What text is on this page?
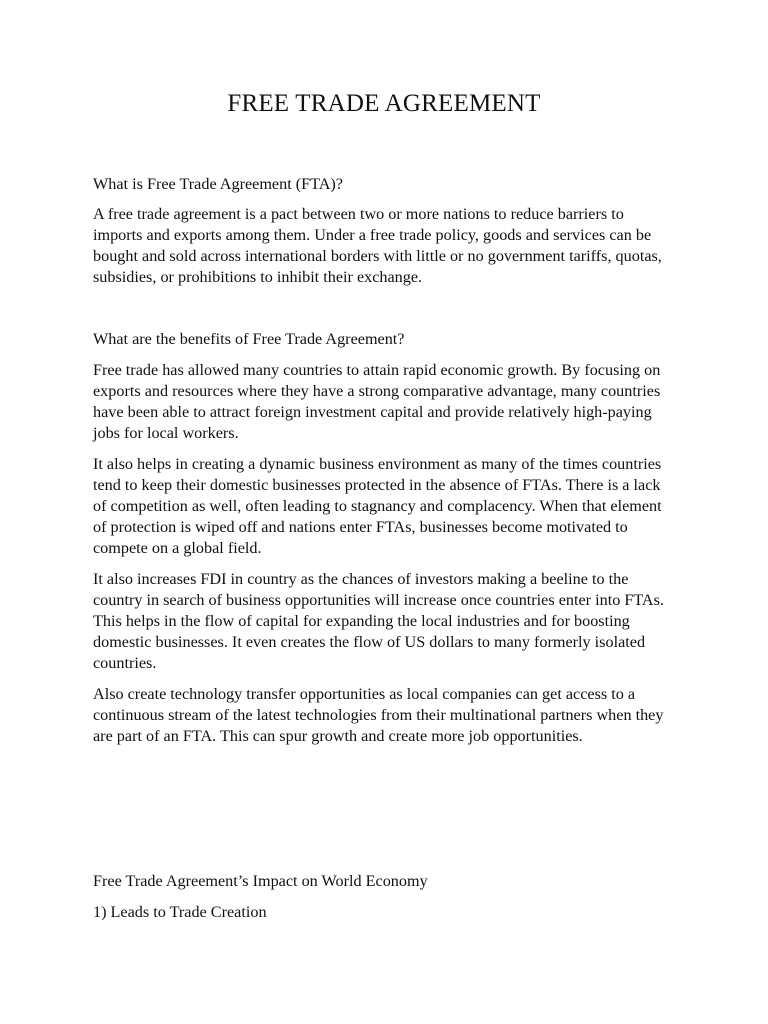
FREE TRADE AGREEMENT

What is Free Trade Agreement (FTA)?

A free trade agreement is a pact between two or more nations to reduce barriers to imports and exports among them. Under a free trade policy, goods and services can be bought and sold across international borders with little or no government tariffs, quotas, subsidies, or prohibitions to inhibit their exchange.

What are the benefits of Free Trade Agreement?

Free trade has allowed many countries to attain rapid economic growth. By focusing on exports and resources where they have a strong comparative advantage, many countries have been able to attract foreign investment capital and provide relatively high-paying jobs for local workers.

It also helps in creating a dynamic business environment as many of the times countries tend to keep their domestic businesses protected in the absence of FTAs. There is a lack of competition as well, often leading to stagnancy and complacency. When that element of protection is wiped off and nations enter FTAs, businesses become motivated to compete on a global field.

It also increases FDI in country as the chances of investors making a beeline to the country in search of business opportunities will increase once countries enter into FTAs. This helps in the flow of capital for expanding the local industries and for boosting domestic businesses. It even creates the flow of US dollars to many formerly isolated countries.

Also create technology transfer opportunities as local companies can get access to a continuous stream of the latest technologies from their multinational partners when they are part of an FTA. This can spur growth and create more job opportunities.

Free Trade Agreement’s Impact on World Economy

1) Leads to Trade Creation
